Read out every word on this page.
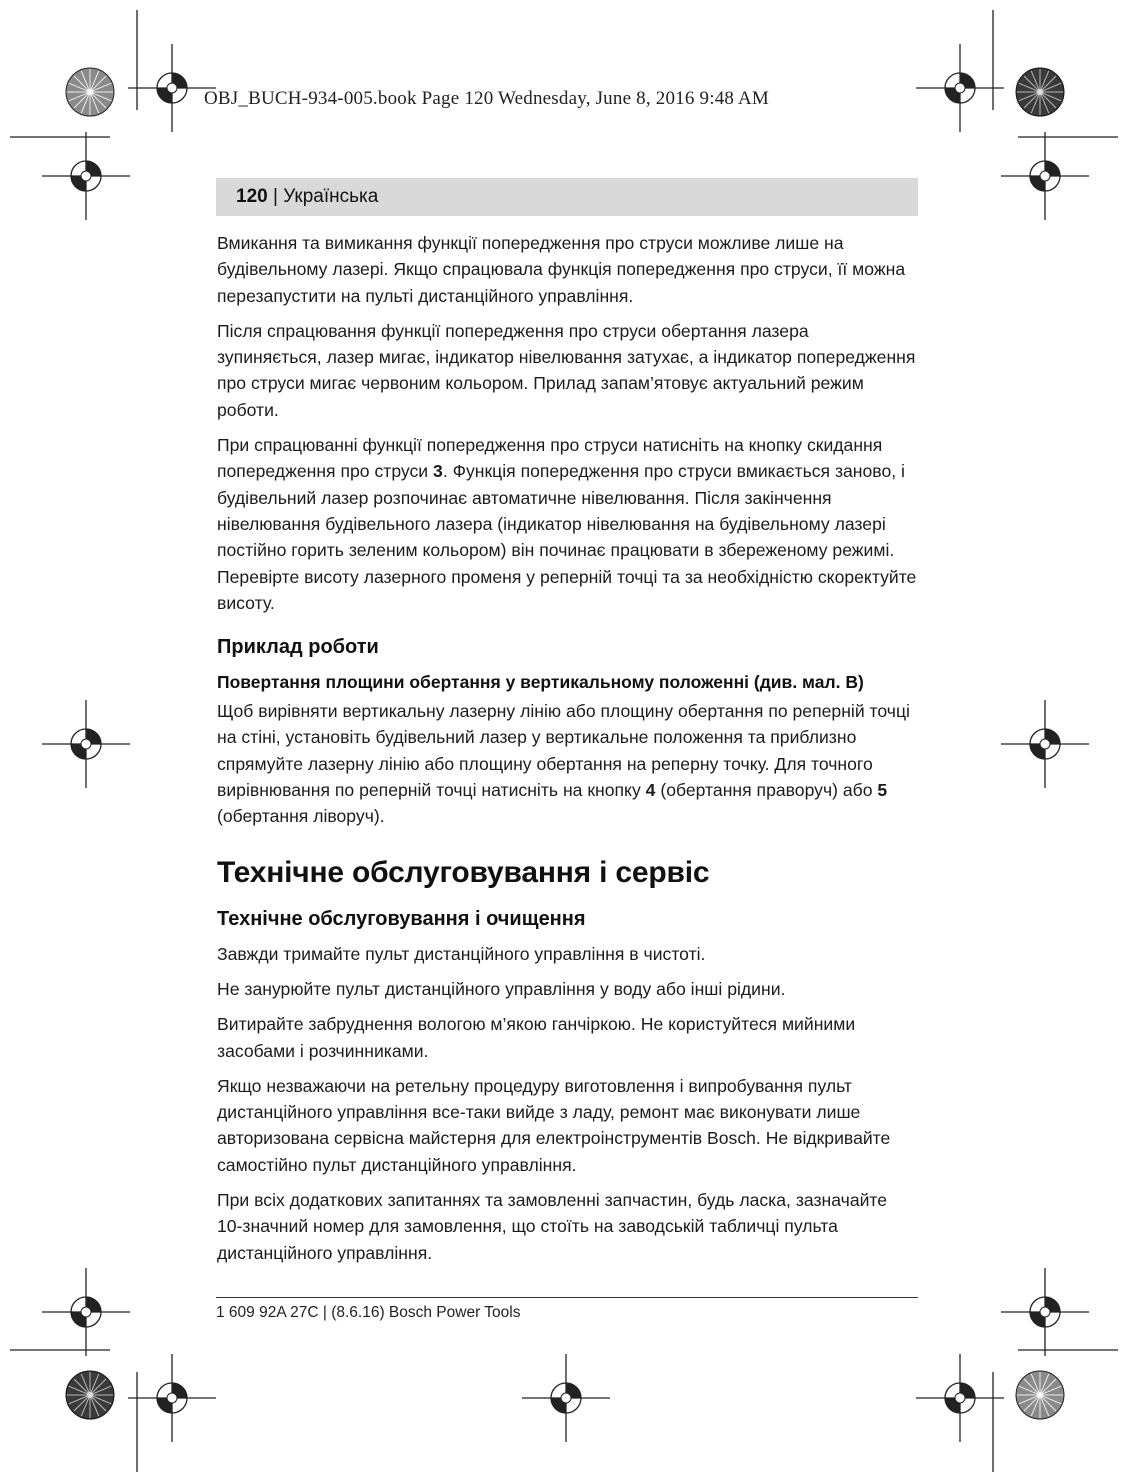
OBJ_BUCH-934-005.book Page 120 Wednesday, June 8, 2016 9:48 AM
120 | Українська

Вмикання та вимикання функції попередження про струси можливе лише на будівельному лазері. Якщо спрацювала функція попередження про струси, її можна перезапустити на пульті дистанційного управління.

Після спрацювання функції попередження про струси обертання лазера зупиняється, лазер мигає, індикатор нівелювання затухає, а індикатор попередження про струси мигає червоним кольором. Прилад запам’ятовує актуальний режим роботи.

При спрацюванні функції попередження про струси натисніть на кнопку скидання попередження про струси 3. Функція попередження про струси вмикається заново, і будівельний лазер розпочинає автоматичне нівелювання. Після закінчення нівелювання будівельного лазера (індикатор нівелювання на будівельному лазері постійно горить зеленим кольором) він починає працювати в збереженому режимі. Перевірте висоту лазерного променя у реперній точці та за необхідністю скоректуйте висоту.

Приклад роботи
Повертання площини обертання у вертикальному положенні (див. мал. B)

Щоб вирівняти вертикальну лазерну лінію або площину обертання по реперній точці на стіні, установіть будівельний лазер у вертикальне положення та приблизно спрямуйте лазерну лінію або площину обертання на реперну точку. Для точного вирівнювання по реперній точці натисніть на кнопку 4 (обертання праворуч) або 5 (обертання ліворуч).

Технічне обслуговування і сервіс
Технічне обслуговування і очищення

Завжди тримайте пульт дистанційного управління в чистоті.

Не занурюйте пульт дистанційного управління у воду або інші рідини.

Витирайте забруднення вологою м’якою ганчіркою. Не користуйтеся мийними засобами і розчинниками.

Якщо незважаючи на ретельну процедуру виготовлення і випробування пульт дистанційного управління все-таки вийде з ладу, ремонт має виконувати лише авторизована сервісна майстерня для електроінструментів Bosch. Не відкривайте самостійно пульт дистанційного управління.

При всіх додаткових запитаннях та замовленні запчастин, будь ласка, зазначайте 10-значний номер для замовлення, що стоїть на заводській табличці пульта дистанційного управління.

1 609 92A 27C | (8.6.16) Bosch Power Tools
